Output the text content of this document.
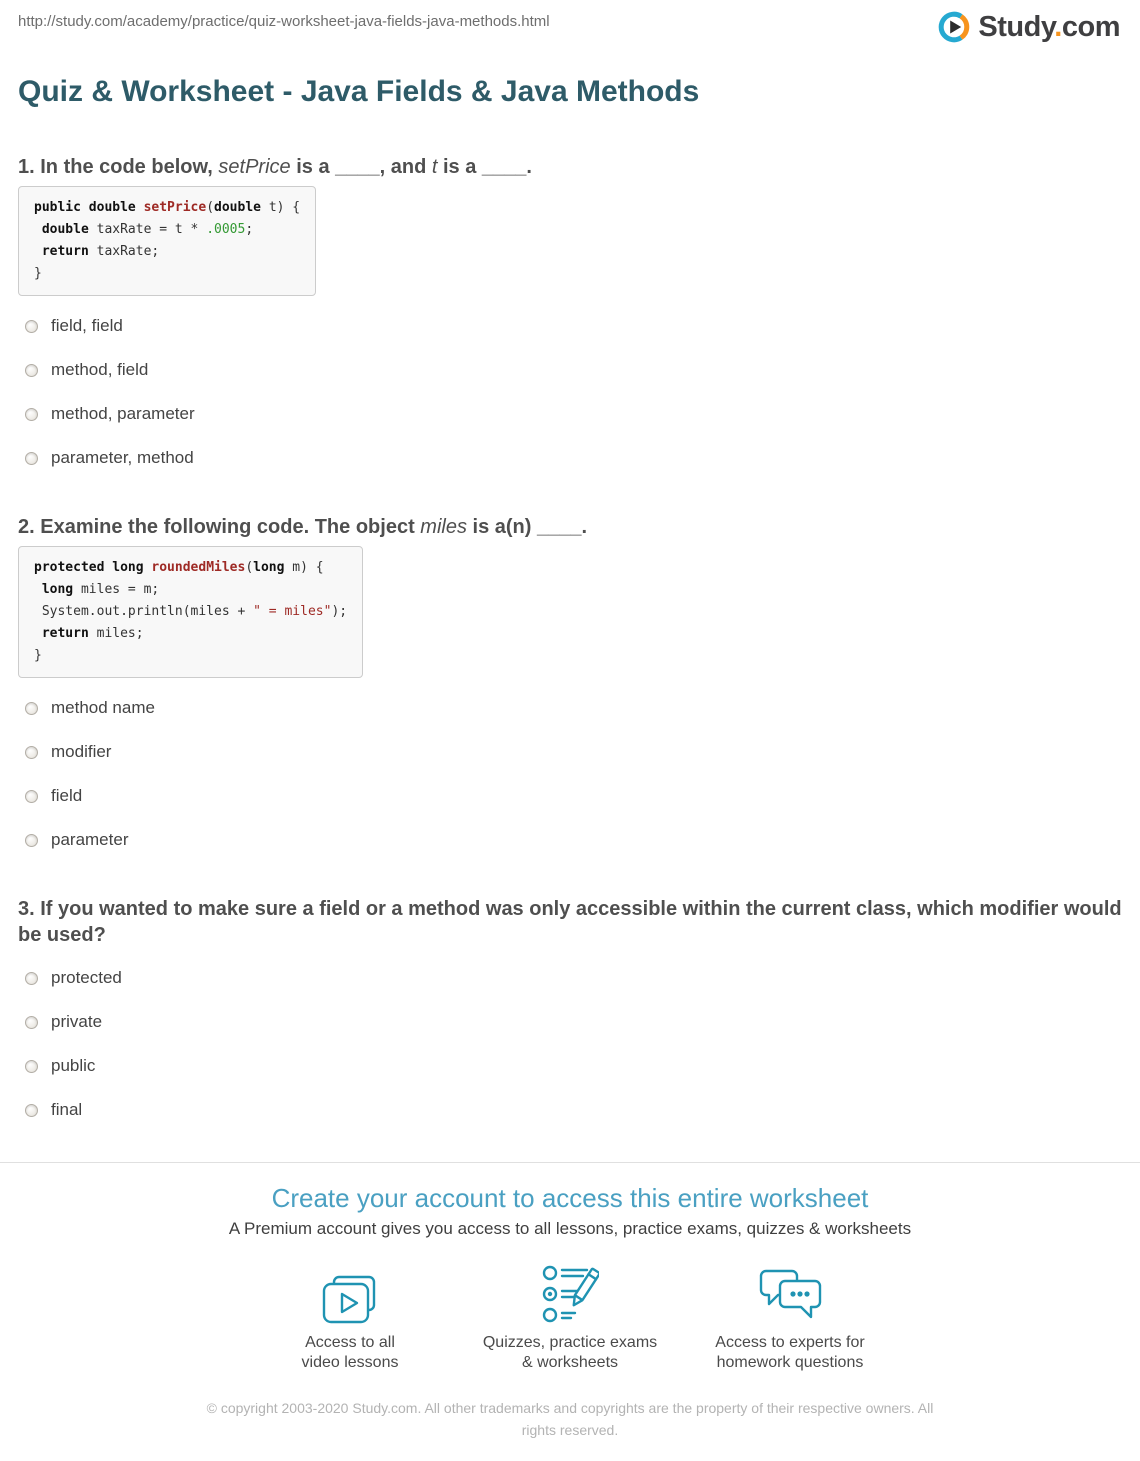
http://study.com/academy/practice/quiz-worksheet-java-fields-java-methods.html	Study.com
Quiz & Worksheet - Java Fields & Java Methods
1. In the code below, setPrice is a ____, and t is a ____.
public double setPrice(double t) {
double taxRate = t * .0005;
return taxRate;
}
field, field
method, field
method, parameter
parameter, method
2. Examine the following code. The object miles is a(n) ____.
protected long roundedMiles(long m) {
long miles = m;
System.out.println(miles + " = miles");
return miles;
}
method name
modifier
field
parameter
3. If you wanted to make sure a field or a method was only accessible within the current class, which modifier would be used?
protected
private
public
final
Create your account to access this entire worksheet

A Premium account gives you access to all lessons, practice exams, quizzes & worksheets

Access to all
video lessons
Quizzes, practice exams
& worksheets
Access to experts for
homework questions
© copyright 2003-2020 Study.com. All other trademarks and copyrights are the property of their respective owners. All rights reserved.
